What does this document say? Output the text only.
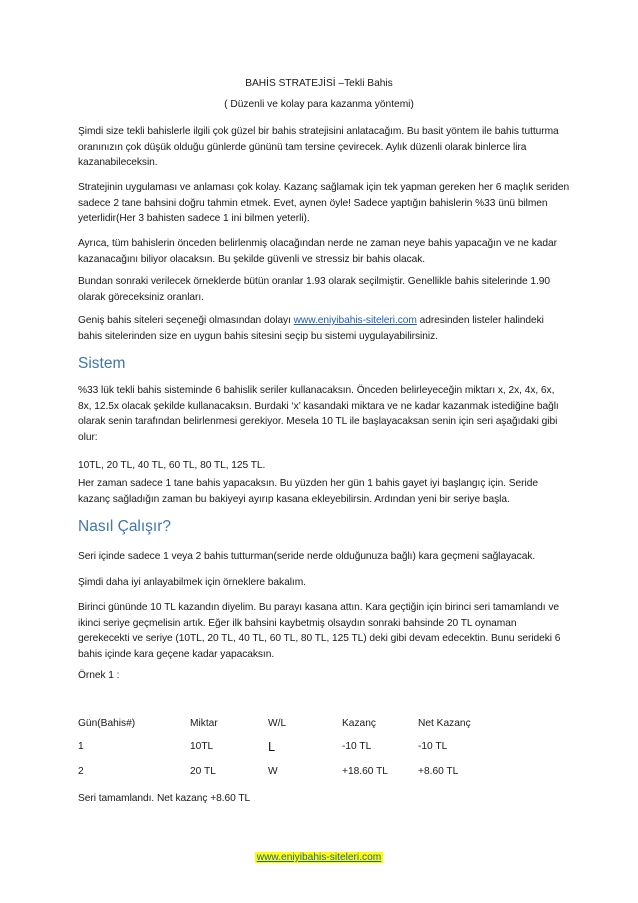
BAHİS STRATEJİSİ –Tekli Bahis
( Düzenli ve kolay para kazanma yöntemi)
Şimdi size tekli bahislerle ilgili çok güzel bir bahis stratejisini anlatacağım. Bu basit yöntem ile bahis tutturma oranınızın çok düşük olduğu günlerde gününü tam tersine çevirecek. Aylık düzenli olarak binlerce lira kazanabileceksin.
Stratejinin uygulaması ve anlaması çok kolay. Kazanç sağlamak için tek yapman gereken her 6 maçlık seriden sadece 2 tane bahsini doğru tahmin etmek. Evet, aynen öyle! Sadece yaptığın bahislerin %33 ünü bilmen yeterlidir(Her 3 bahisten sadece 1 ini bilmen yeterli).
Ayrıca, tüm bahislerin önceden belirlenmiş olacağından nerde ne zaman neye bahis yapacağın ve ne kadar kazanacağını biliyor olacaksın. Bu şekilde güvenli ve stressiz bir bahis olacak.
Bundan sonraki verilecek örneklerde bütün oranlar 1.93 olarak seçilmiştir. Genellikle bahis sitelerinde 1.90 olarak göreceksiniz oranları.
Geniş bahis siteleri seçeneği olmasından dolayı www.eniyibahis-siteleri.com adresinden listeler halindeki bahis sitelerinden size en uygun bahis sitesini seçip bu sistemi uygulayabilirsiniz.
Sistem
%33 lük tekli bahis sisteminde 6 bahislik seriler kullanacaksın. Önceden belirleyeceğin miktarı x, 2x, 4x, 6x, 8x, 12.5x olacak şekilde kullanacaksın. Burdaki ‘x’ kasandaki miktara ve ne kadar kazanmak istediğine bağlı olarak senin tarafından belirlenmesi gerekiyor. Mesela 10 TL ile başlayacaksan senin için seri aşağıdaki gibi olur:
10TL, 20 TL, 40 TL, 60 TL, 80 TL, 125 TL.
Her zaman sadece 1 tane bahis yapacaksın. Bu yüzden her gün 1 bahis gayet iyi başlangıç için. Seride kazanç sağladığın zaman bu bakiyeyi ayırıp kasana ekleyebilirsin. Ardından yeni bir seriye başla.
Nasıl Çalışır?
Seri içinde sadece 1 veya 2 bahis tutturman(seride nerde olduğunuza bağlı) kara geçmeni sağlayacak.
Şimdi daha iyi anlayabilmek için örneklere bakalım.
Birinci gününde 10 TL kazandın diyelim. Bu parayı kasana attın. Kara geçtiğin için birinci seri tamamlandı ve ikinci seriye geçmelisin artık. Eğer ilk bahsini kaybetmiş olsaydın sonraki bahsinde 20 TL oynaman gerekecekti ve seriye (10TL, 20 TL, 40 TL, 60 TL, 80 TL, 125 TL) deki gibi devam edecektin. Bunu serideki 6 bahis içinde kara geçene kadar yapacaksın.
Örnek 1 :
Gün(Bahis#)	Miktar	W/L	Kazanç	Net Kazanç
1	10TL	L	-10 TL	-10 TL
2	20 TL	W	+18.60 TL	+8.60 TL
Seri tamamlandı. Net kazanç +8.60 TL
www.eniyibahis-siteleri.com
